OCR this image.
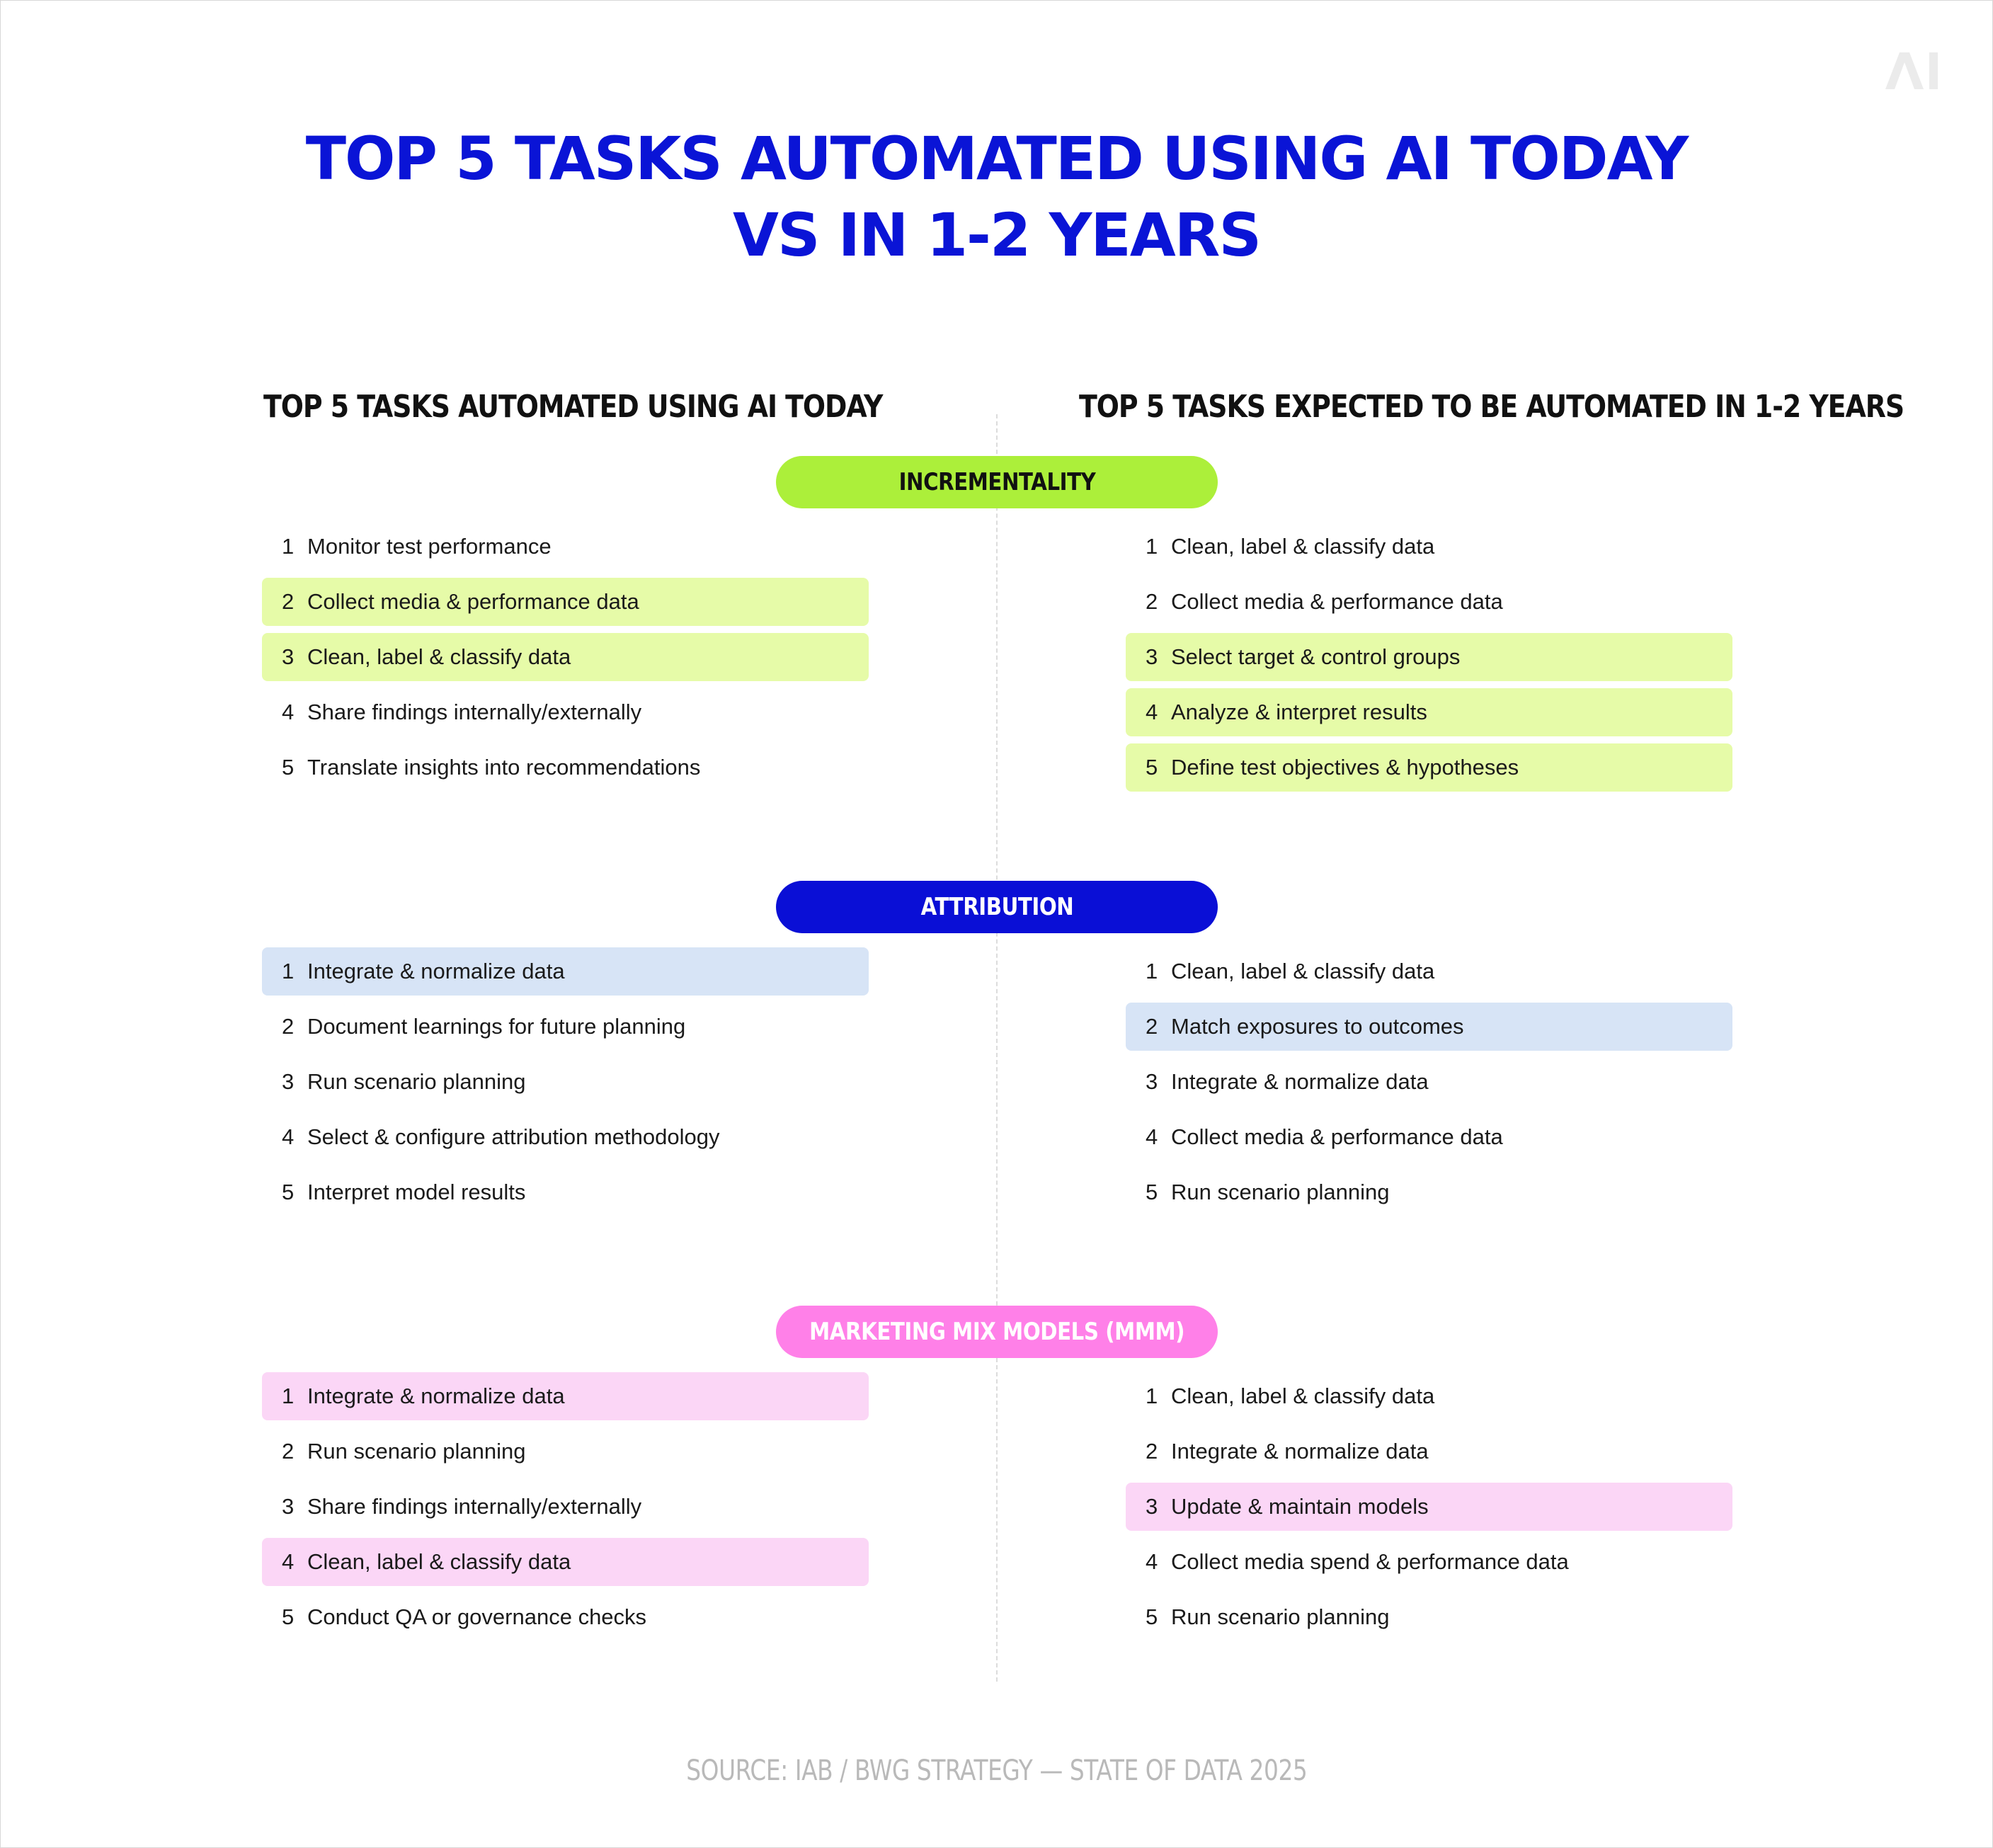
TOP 5 TASKS AUTOMATED USING AI TODAY
VS IN 1-2 YEARS
TOP 5 TASKS AUTOMATED USING AI TODAY	TOP 5 TASKS EXPECTED TO BE AUTOMATED IN 1-2 YEARS
INCREMENTALITY
1 Monitor test performance
2 Collect media & performance data
3 Clean, label & classify data
4 Share findings internally/externally
5 Translate insights into recommendations
1 Clean, label & classify data
2 Collect media & performance data
3 Select target & control groups
4 Analyze & interpret results
5 Define test objectives & hypotheses
ATTRIBUTION
1 Integrate & normalize data
2 Document learnings for future planning
3 Run scenario planning
4 Select & configure attribution methodology
5 Interpret model results
1 Clean, label & classify data
2 Match exposures to outcomes
3 Integrate & normalize data
4 Collect media & performance data
5 Run scenario planning
MARKETING MIX MODELS (MMM)
1 Integrate & normalize data
2 Run scenario planning
3 Share findings internally/externally
4 Clean, label & classify data
5 Conduct QA or governance checks
1 Clean, label & classify data
2 Integrate & normalize data
3 Update & maintain models
4 Collect media spend & performance data
5 Run scenario planning
SOURCE: IAB / BWG STRATEGY — STATE OF DATA 2025
